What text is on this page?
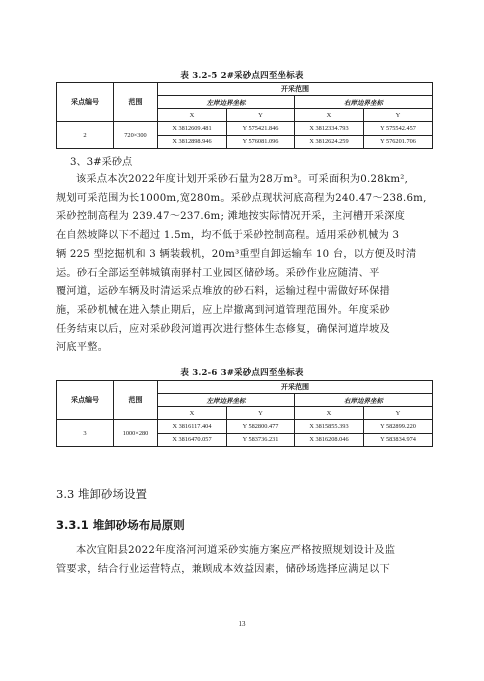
表 3.2-5 2#采砂点四至坐标表
采点编号	范围	开采范围			
		左岸边界坐标		右岸边界坐标	
		X	Y	X	Y
2	720×300	X 3812609.481	Y 575421.846	X 3812334.793	Y 575542.457
		X 3812898.946	Y 576081.096	X 3812624.259	Y 576201.706
3、3#采砂点
该采点本次2022年度计划开采砂石量为28万m³。可采面积为0.28km²,
规划可采范围为长1000m,宽280m。采砂点现状河底高程为240.47～238.6m,
采砂控制高程为 239.47～237.6m; 滩地按实际情况开采，主河槽开采深度
在自然坡降以下不超过 1.5m，均不低于采砂控制高程。适用采砂机械为 3
辆 225 型挖掘机和 3 辆装载机，20m³重型自卸运输车 10 台，以方便及时清
运。砂石全部运至韩城镇南驿村工业园区储砂场。采砂作业应随清、平
覆河道，运砂车辆及时清运采点堆放的砂石料，运输过程中需做好环保措
施，采砂机械在进入禁止期后，应上岸撤离到河道管理范围外。年度采砂
任务结束以后，应对采砂段河道再次进行整体生态修复，确保河道岸坡及
河底平整。
表 3.2-6 3#采砂点四至坐标表
采点编号	范围	开采范围			
		左岸边界坐标		右岸边界坐标	
		X	Y	X	Y
3	1000×280	X 3816117.404	Y 582800.477	X 3815855.393	Y 582899.220
		X 3816470.057	Y 583736.231	X 3816208.046	Y 583834.974
3.3 堆卸砂场设置
3.3.1 堆卸砂场布局原则
本次宜阳县2022年度洛河河道采砂实施方案应严格按照规划设计及监
管要求，结合行业运营特点，兼顾成本效益因素，储砂场选择应满足以下
13
